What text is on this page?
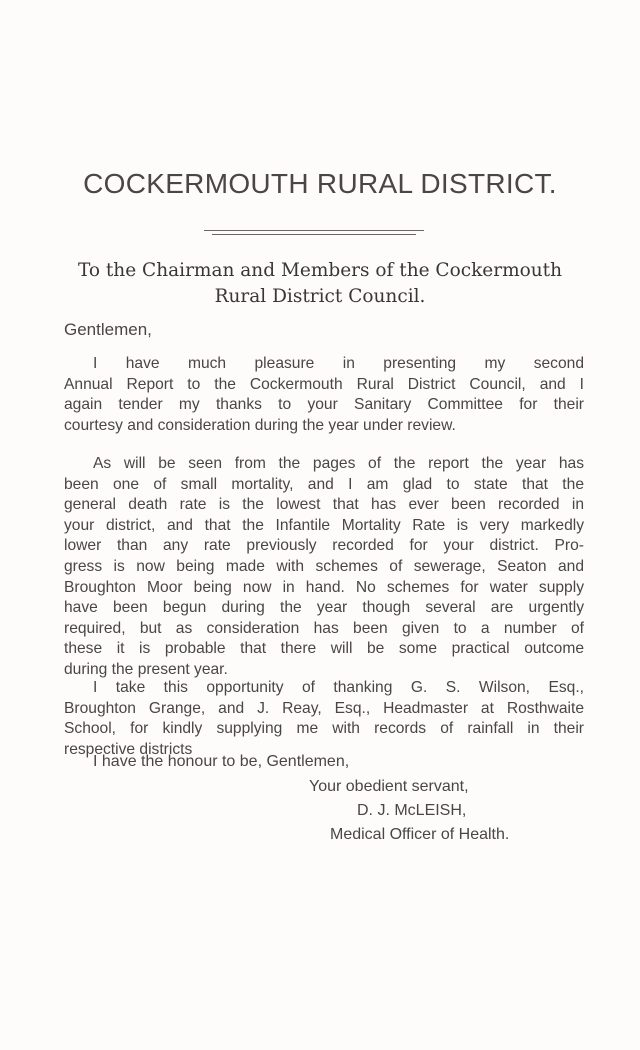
COCKERMOUTH RURAL DISTRICT.
To the Chairman and Members of the Cockermouth
Rural District Council.
Gentlemen,
I have much pleasure in presenting my second
Annual Report to the Cockermouth Rural District Council, and I
again tender my thanks to your Sanitary Committee for their
courtesy and consideration during the year under review.
As will be seen from the pages of the report the year has
been one of small mortality, and I am glad to state that the
general death rate is the lowest that has ever been recorded in
your district, and that the Infantile Mortality Rate is very markedly
lower than any rate previously recorded for your district. Pro-
gress is now being made with schemes of sewerage, Seaton and
Broughton Moor being now in hand. No schemes for water supply
have been begun during the year though several are urgently
required, but as consideration has been given to a number of
these it is probable that there will be some practical outcome
during the present year.
I take this opportunity of thanking G. S. Wilson, Esq.,
Broughton Grange, and J. Reay, Esq., Headmaster at Rosthwaite
School, for kindly supplying me with records of rainfall in their
respective districts
I have the honour to be, Gentlemen,
Your obedient servant,
D. J. McLEISH,
Medical Officer of Health.
